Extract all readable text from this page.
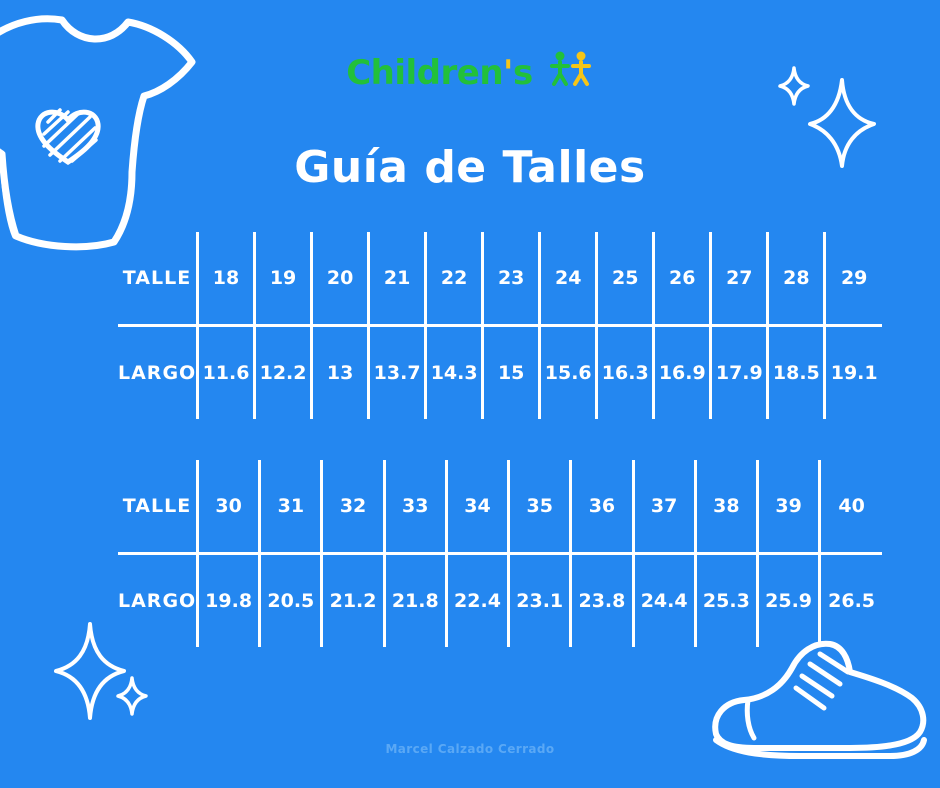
Children's
Guía de Talles
TALLE	18	19	20	21	22	23	24	25	26	27	28	29
LARGO	11.6	12.2	13	13.7	14.3	15	15.6	16.3	16.9	17.9	18.5	19.1
TALLE	30	31	32	33	34	35	36	37	38	39	40
LARGO	19.8	20.5	21.2	21.8	22.4	23.1	23.8	24.4	25.3	25.9	26.5
Marcel Calzado Cerrado
